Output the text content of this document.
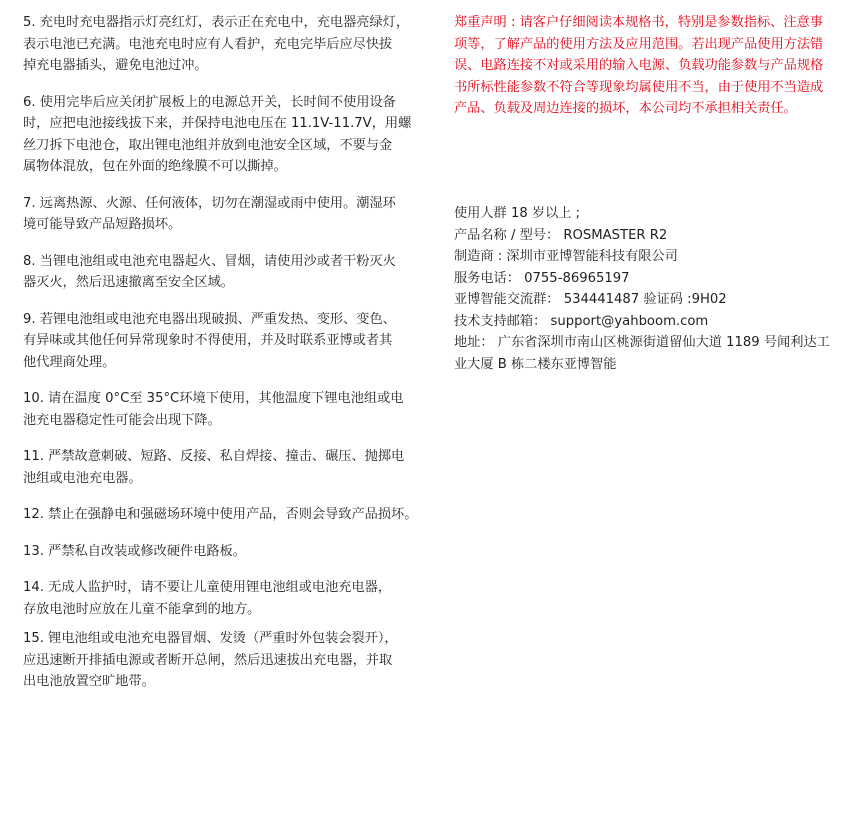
5. 充电时充电器指示灯亮红灯，表示正在充电中，充电器亮绿灯，
表示电池已充满。电池充电时应有人看护，充电完毕后应尽快拔
掉充电器插头，避免电池过冲。

6. 使用完毕后应关闭扩展板上的电源总开关，长时间不使用设备
时，应把电池接线拔下来，并保持电池电压在 11.1V-11.7V，用螺
丝刀拆下电池仓，取出锂电池组并放到电池安全区域，不要与金
属物体混放，包在外面的绝缘膜不可以撕掉。

7. 远离热源、火源、任何液体，切勿在潮湿或雨中使用。潮湿环
境可能导致产品短路损坏。

8. 当锂电池组或电池充电器起火、冒烟，请使用沙或者干粉灭火
器灭火，然后迅速撤离至安全区域。

9. 若锂电池组或电池充电器出现破损、严重发热、变形、变色、
有异味或其他任何异常现象时不得使用，并及时联系亚博或者其
他代理商处理。

10. 请在温度 0°C至 35°C环境下使用，其他温度下锂电池组或电
池充电器稳定性可能会出现下降。

11. 严禁故意刺破、短路、反接、私自焊接、撞击、碾压、抛掷电
池组或电池充电器。

12. 禁止在强静电和强磁场环境中使用产品，否则会导致产品损坏。

13. 严禁私自改装或修改硬件电路板。

14. 无成人监护时，请不要让儿童使用锂电池组或电池充电器，
存放电池时应放在儿童不能拿到的地方。

15. 锂电池组或电池充电器冒烟、发烫（严重时外包装会裂开），
应迅速断开排插电源或者断开总闸，然后迅速拔出充电器，并取
出电池放置空旷地带。

郑重声明 : 请客户仔细阅读本规格书，特别是参数指标、注意事
项等，了解产品的使用方法及应用范围。若出现产品使用方法错
误、电路连接不对或采用的输入电源、负载功能参数与产品规格
书所标性能参数不符合等现象均属使用不当，由于使用不当造成
产品、负载及周边连接的损坏，本公司均不承担相关责任。

使用人群 18 岁以上 ;

产品名称 / 型号： ROSMASTER R2

制造商 : 深圳市亚博智能科技有限公司

服务电话： 0755-86965197

亚博智能交流群： 534441487 验证码 :9H02

技术支持邮箱： support@yahboom.com

地址： 广东省深圳市南山区桃源街道留仙大道 1189 号闻利达工
业大厦 B 栋二楼东亚博智能
